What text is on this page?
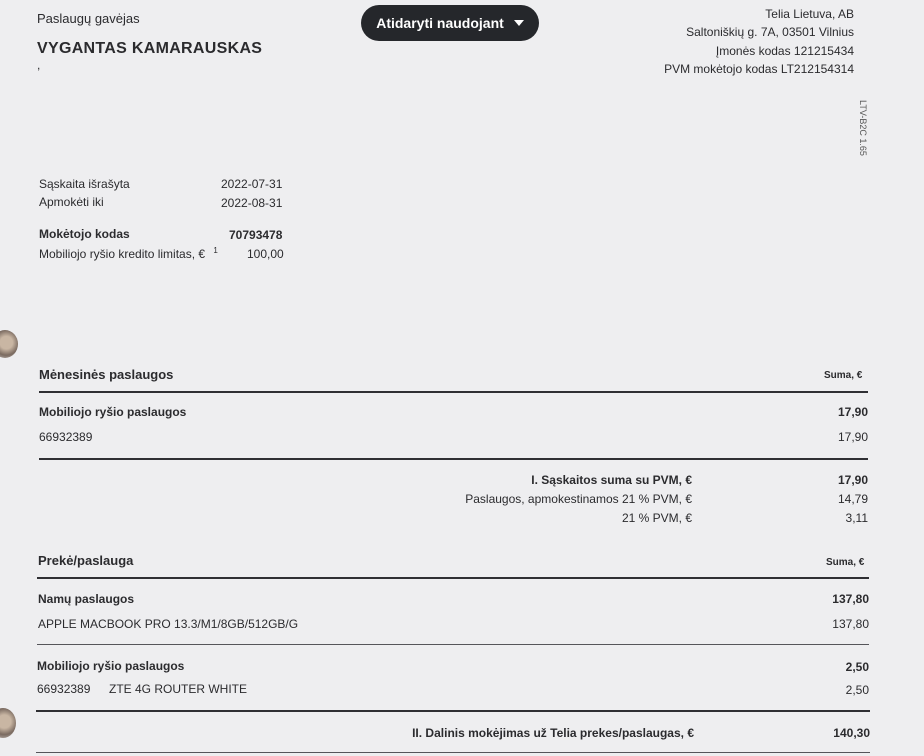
Paslaugų gavėjas
VYGANTAS KAMARAUSKAS
,
Atidaryti naudojant
Telia Lietuva, AB
Saltoniškių g. 7A, 03501 Vilnius
Įmonės kodas 121215434
PVM mokėtojo kodas LT212154314
LTV-B2C 1.65
Sąskaita išrašyta	2022-07-31
Apmokėti iki	2022-08-31
Mokėtojo kodas	70793478
Mobiliojo ryšio kredito limitas, € $^1$ 100,00
Mėnesinės paslaugos	Suma, €
Mobiliojo ryšio paslaugos	17,90
66932389	17,90
I. Sąskaitos suma su PVM, €	17,90
Paslaugos, apmokestinamos 21 % PVM, €	14,79
21 % PVM, €	3,11
Prekė/paslauga	Suma, €
Namų paslaugos	137,80
APPLE MACBOOK PRO 13.3/M1/8GB/512GB/G	137,80
Mobiliojo ryšio paslaugos	2,50
66932389 ZTE 4G ROUTER WHITE	2,50
II. Dalinis mokėjimas už Telia prekes/paslaugas, €	140,30
